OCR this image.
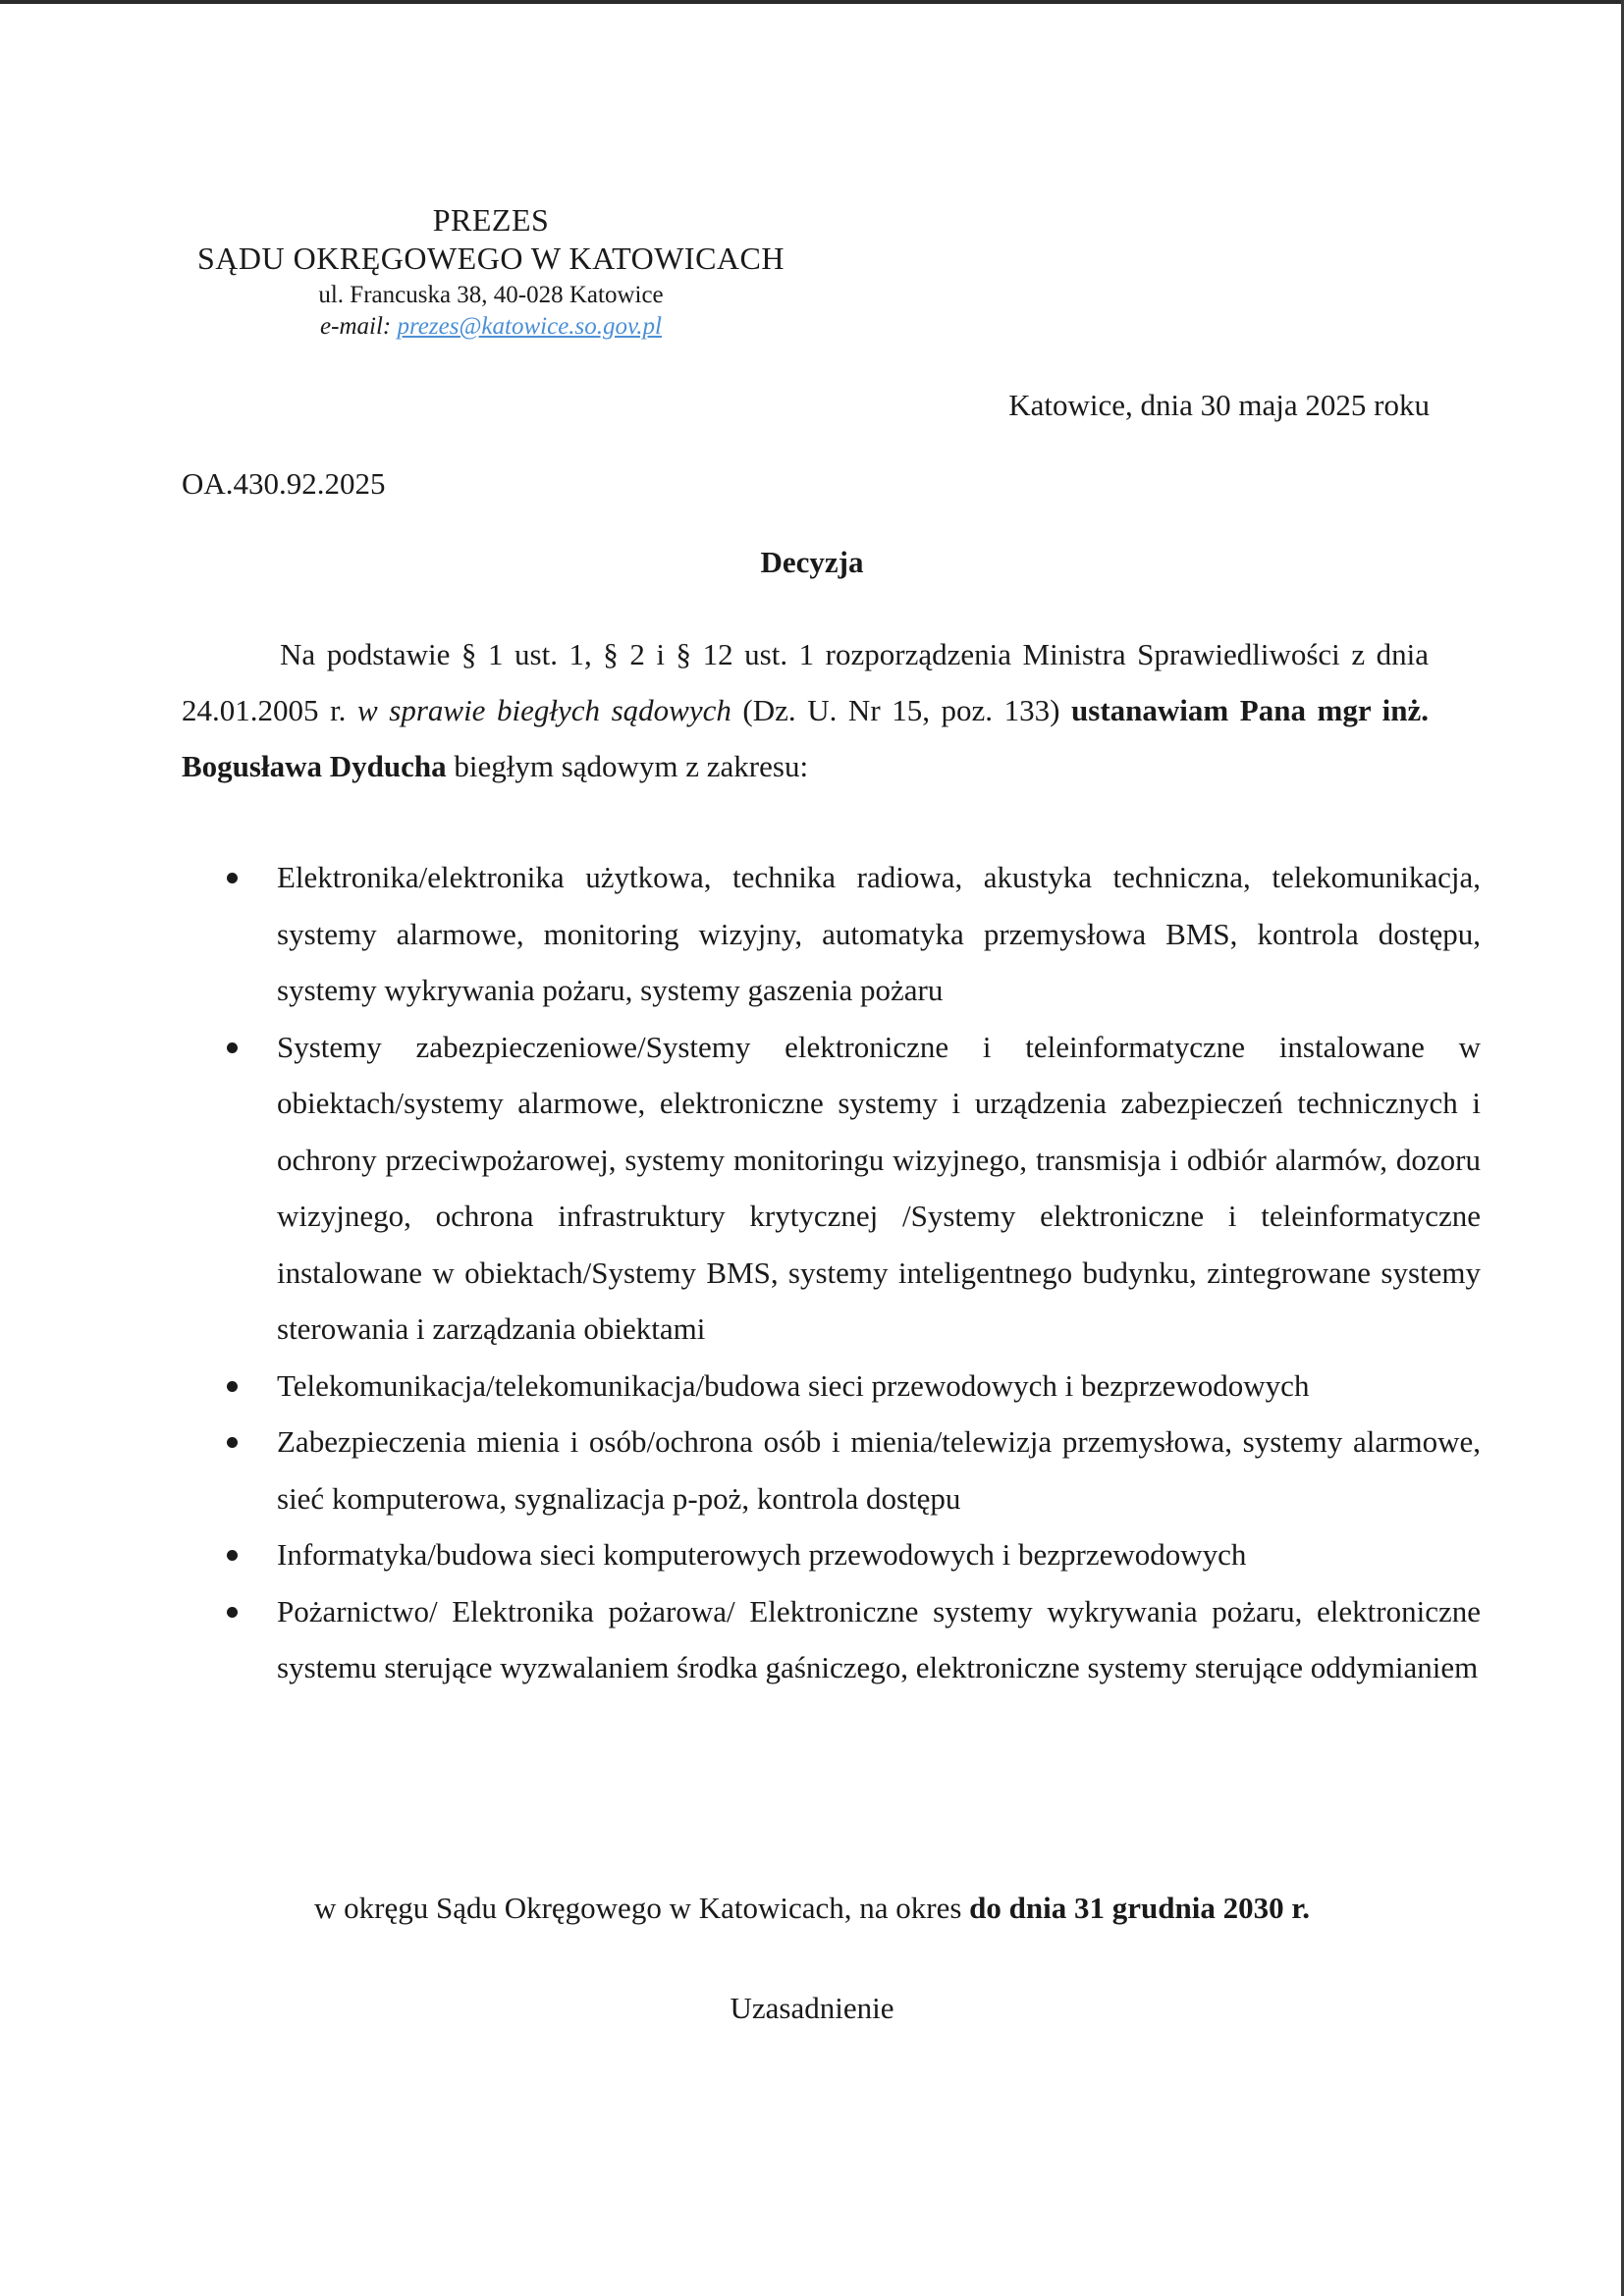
PREZES
SĄDU OKRĘGOWEGO W KATOWICACH
ul. Francuska 38, 40-028 Katowice
e-mail: prezes@katowice.so.gov.pl
Katowice, dnia 30 maja 2025 roku
OA.430.92.2025
Decyzja
Na podstawie § 1 ust. 1, § 2 i § 12 ust. 1 rozporządzenia Ministra Sprawiedliwości z dnia 24.01.2005 r. w sprawie biegłych sądowych (Dz. U. Nr 15, poz. 133) ustanawiam Pana mgr inż. Bogusława Dyducha biegłym sądowym z zakresu:
Elektronika/elektronika użytkowa, technika radiowa, akustyka techniczna, telekomunikacja, systemy alarmowe, monitoring wizyjny, automatyka przemysłowa BMS, kontrola dostępu, systemy wykrywania pożaru, systemy gaszenia pożaru
Systemy zabezpieczeniowe/Systemy elektroniczne i teleinformatyczne instalowane w obiektach/systemy alarmowe, elektroniczne systemy i urządzenia zabezpieczeń technicznych i ochrony przeciwpożarowej, systemy monitoringu wizyjnego, transmisja i odbiór alarmów, dozoru wizyjnego, ochrona infrastruktury krytycznej /Systemy elektroniczne i teleinformatyczne instalowane w obiektach/Systemy BMS, systemy inteligentnego budynku, zintegrowane systemy sterowania i zarządzania obiektami
Telekomunikacja/telekomunikacja/budowa sieci przewodowych i bezprzewodowych
Zabezpieczenia mienia i osób/ochrona osób i mienia/telewizja przemysłowa, systemy alarmowe, sieć komputerowa, sygnalizacja p-poż, kontrola dostępu
Informatyka/budowa sieci komputerowych przewodowych i bezprzewodowych
Pożarnictwo/ Elektronika pożarowa/ Elektroniczne systemy wykrywania pożaru, elektroniczne systemu sterujące wyzwalaniem środka gaśniczego, elektroniczne systemy sterujące oddymianiem
w okręgu Sądu Okręgowego w Katowicach, na okres do dnia 31 grudnia 2030 r.
Uzasadnienie
